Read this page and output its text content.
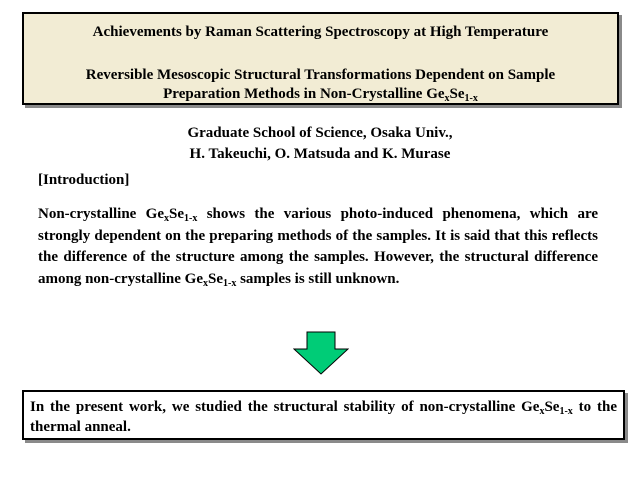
Achievements by Raman Scattering Spectroscopy at High Temperature
Reversible Mesoscopic Structural Transformations Dependent on Sample
Preparation Methods in Non-Crystalline $Ge_xSe_{1-x}$
Graduate School of Science, Osaka Univ.,
H. Takeuchi, O. Matsuda and K. Murase
[Introduction]
Non-crystalline $Ge_xSe_{1-x}$ shows the various photo-induced phenomena, which are strongly dependent on the preparing methods of the samples. It is said that this reflects the difference of the structure among the samples. However, the structural difference among non-crystalline $Ge_xSe_{1-x}$ samples is still unknown.
In the present work, we studied the structural stability of non-crystalline $Ge_xSe_{1-x}$ to the thermal anneal.
